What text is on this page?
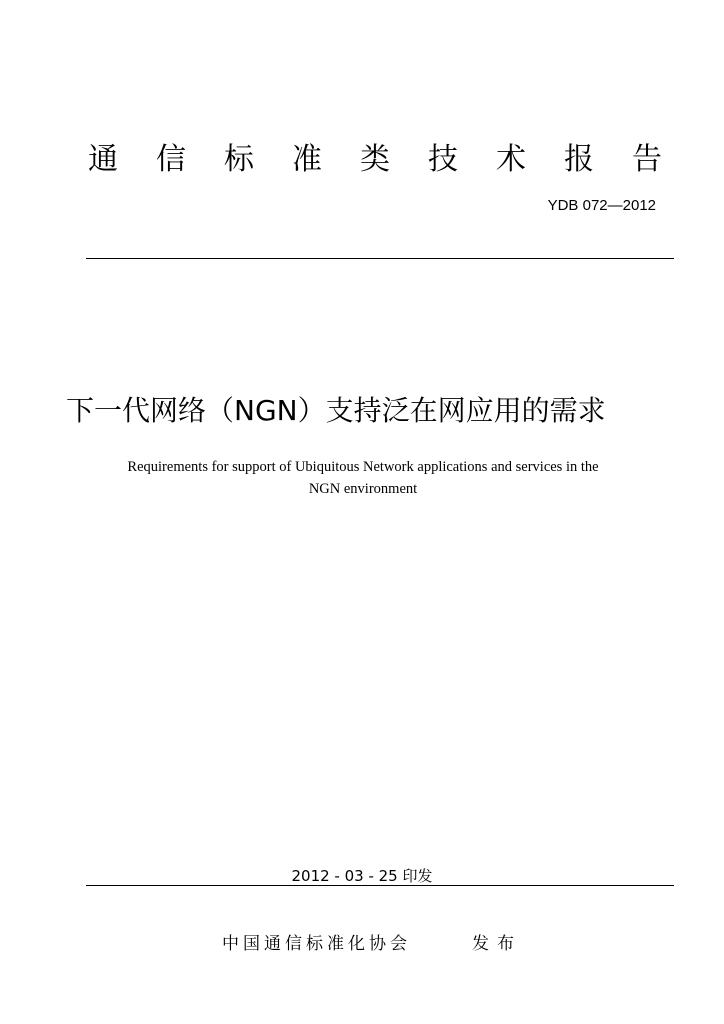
通 信 标 准 类 技 术 报 告
YDB 072—2012
下一代网络（NGN）支持泛在网应用的需求
Requirements for support of Ubiquitous Network applications and services in the
NGN environment
2012 - 03 - 25 印发
中国通信标准化协会	发布
